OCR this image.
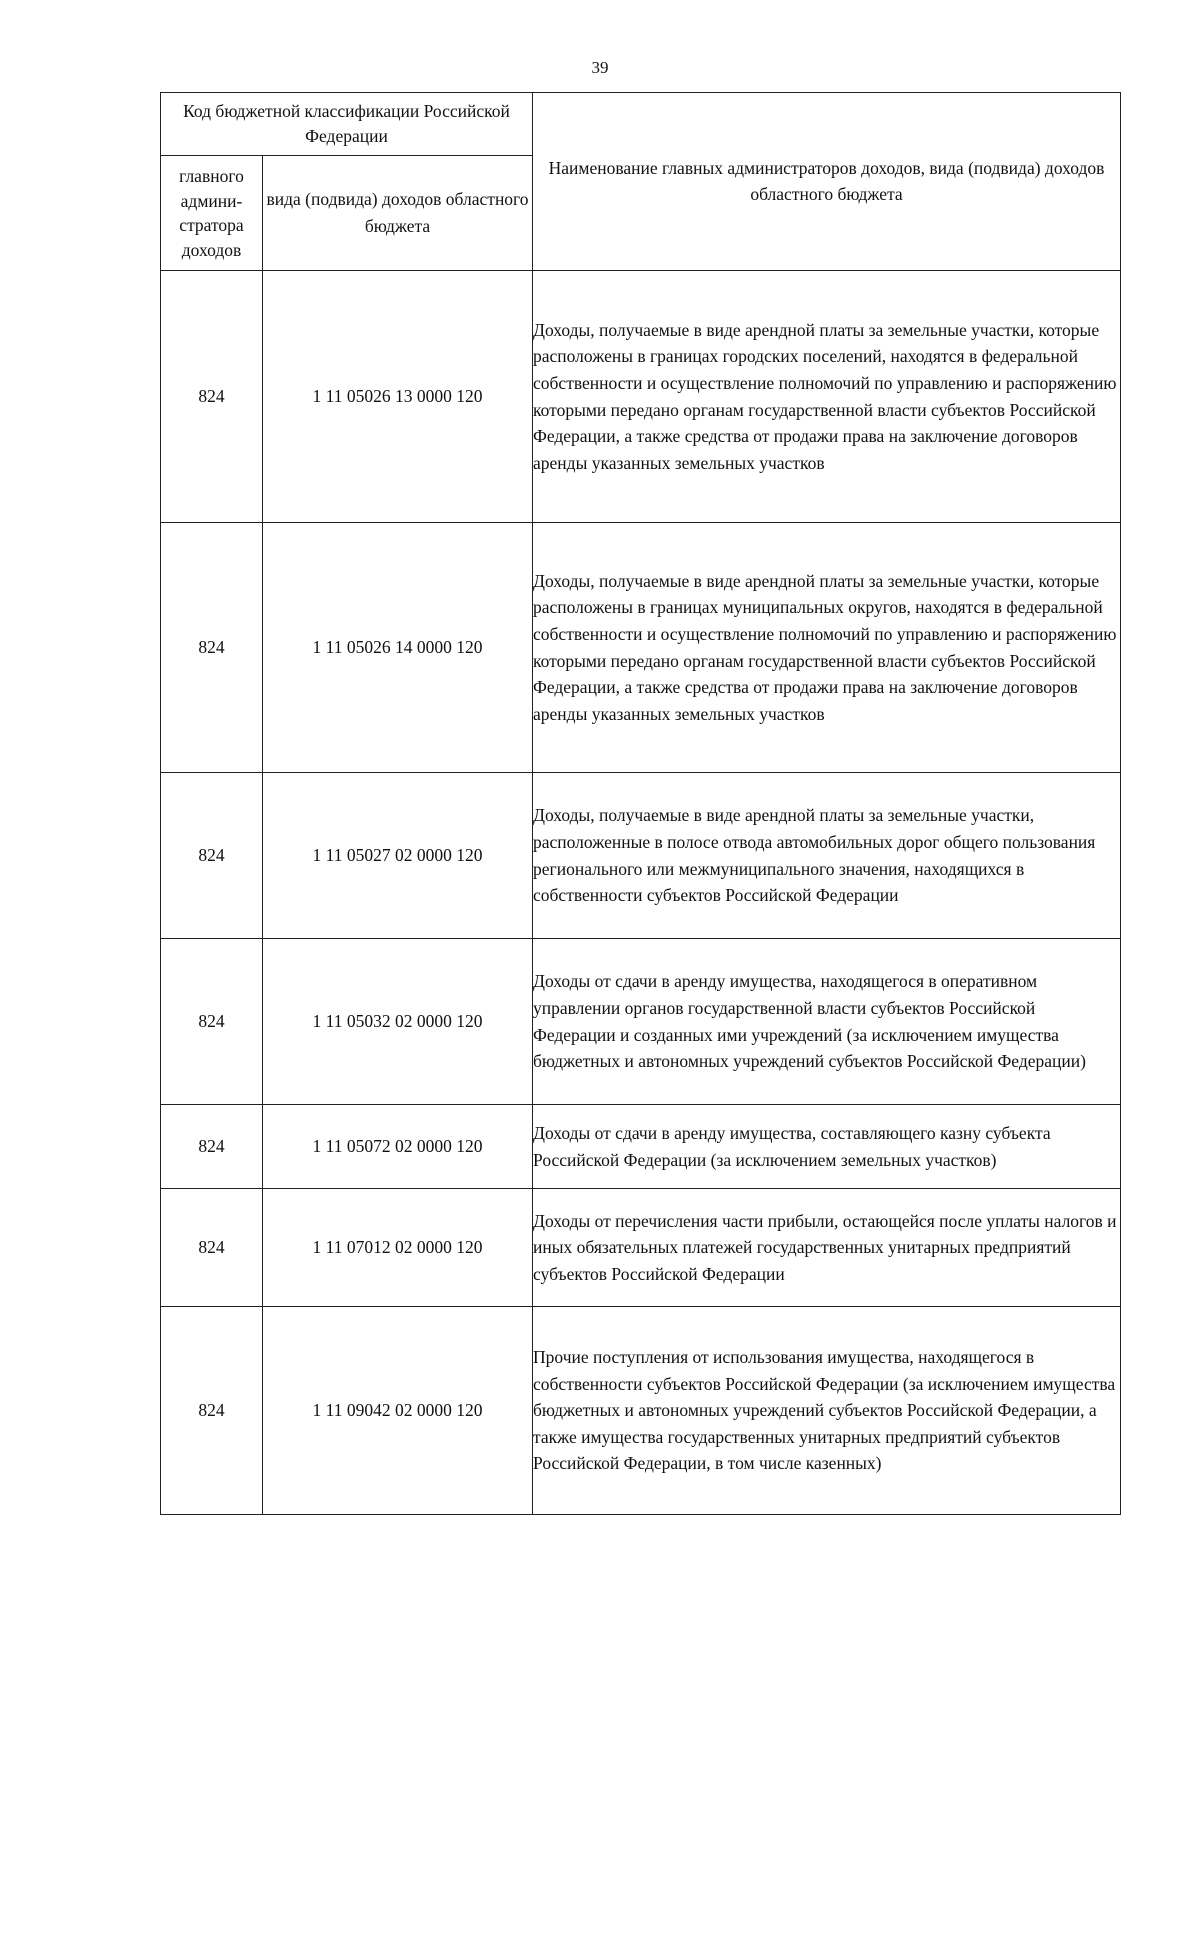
39
Код бюджетной классификации Российской Федерации		Наименование главных администраторов доходов, вида (подвида) доходов областного бюджета
главного админи-стратора доходов	вида (подвида) доходов областного бюджета	
824	1 11 05026 13 0000 120	Доходы, получаемые в виде арендной платы за земельные участки, которые расположены в границах городских поселений, находятся в федеральной собственности и осуществление полномочий по управлению и распоряжению которыми передано органам государственной власти субъектов Российской Федерации, а также средства от продажи права на заключение договоров аренды указанных земельных участков
824	1 11 05026 14 0000 120	Доходы, получаемые в виде арендной платы за земельные участки, которые расположены в границах муниципальных округов, находятся в федеральной собственности и осуществление полномочий по управлению и распоряжению которыми передано органам государственной власти субъектов Российской Федерации, а также средства от продажи права на заключение договоров аренды указанных земельных участков
824	1 11 05027 02 0000 120	Доходы, получаемые в виде арендной платы за земельные участки, расположенные в полосе отвода автомобильных дорог общего пользования регионального или межмуниципального значения, находящихся в собственности субъектов Российской Федерации
824	1 11 05032 02 0000 120	Доходы от сдачи в аренду имущества, находящегося в оперативном управлении органов государственной власти субъектов Российской Федерации и созданных ими учреждений (за исключением имущества бюджетных и автономных учреждений субъектов Российской Федерации)
824	1 11 05072 02 0000 120	Доходы от сдачи в аренду имущества, составляющего казну субъекта Российской Федерации (за исключением земельных участков)
824	1 11 07012 02 0000 120	Доходы от перечисления части прибыли, остающейся после уплаты налогов и иных обязательных платежей государственных унитарных предприятий субъектов Российской Федерации
824	1 11 09042 02 0000 120	Прочие поступления от использования имущества, находящегося в собственности субъектов Российской Федерации (за исключением имущества бюджетных и автономных учреждений субъектов Российской Федерации, а также имущества государственных унитарных предприятий субъектов Российской Федерации, в том числе казенных)
